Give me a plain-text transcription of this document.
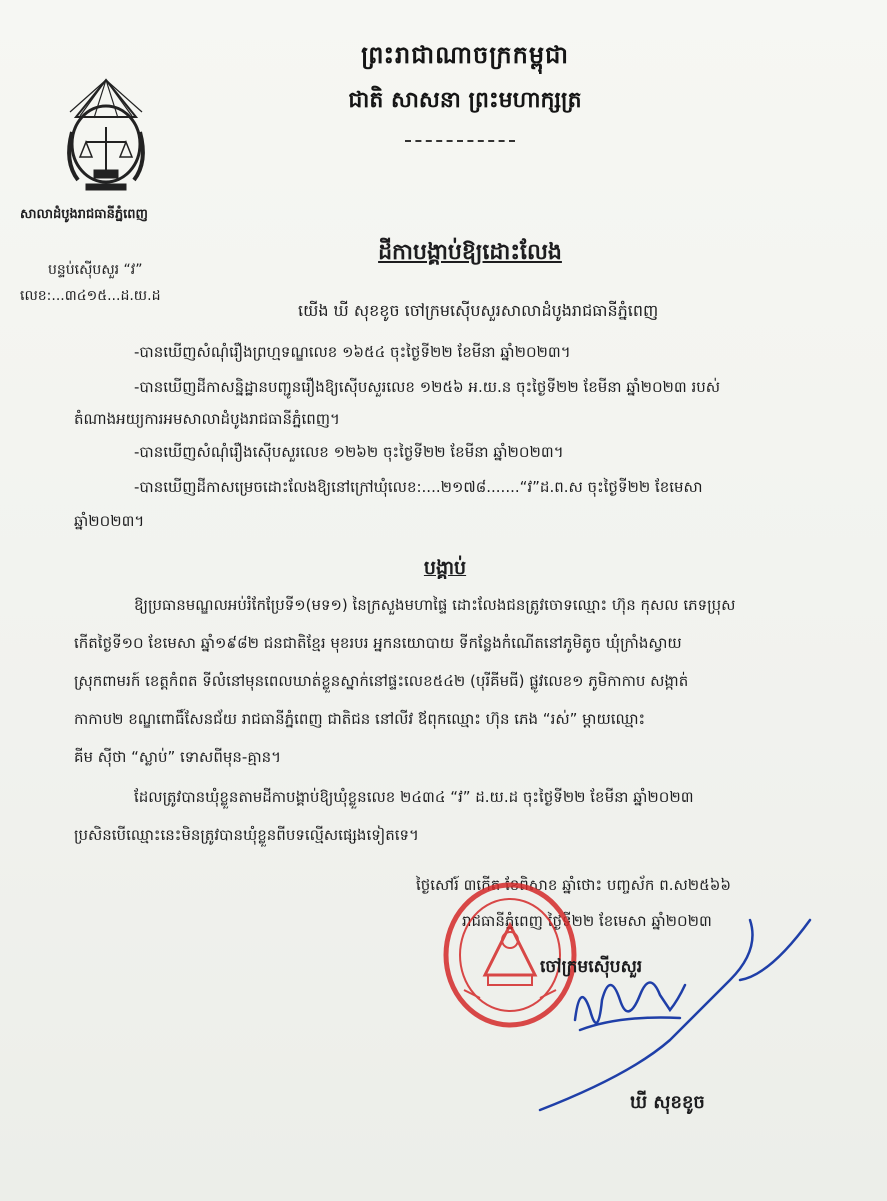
ព្រះរាជាណាចក្រកម្ពុជា
ជាតិ សាសនា ព្រះមហាក្សត្រ
សាលាដំបូងរាជធានីភ្នំពេញ
បន្ទប់ស៊ើបសួរ “វ”
លេខ:...៣៤១៥...ដ.យ.ដ
ដីកាបង្គាប់ឱ្យដោះលែង
យើង ឃី សុខខូច ចៅក្រមស៊ើបសួរសាលាដំបូងរាជធានីភ្នំពេញ
-បានឃើញសំណុំរឿងព្រហ្មទណ្ឌលេខ ១៦៥៤ ចុះថ្ងៃទី២២ ខែមីនា ឆ្នាំ២០២៣។
-បានឃើញដីកាសន្និដ្ឋានបញ្ជូនរឿងឱ្យស៊ើបសួរលេខ ១២៥៦ អ.យ.ន ចុះថ្ងៃទី២២ ខែមីនា ឆ្នាំ២០២៣ របស់
តំណាងអយ្យការអមសាលាដំបូងរាជធានីភ្នំពេញ។
-បានឃើញសំណុំរឿងស៊ើបសួរលេខ ១២៦២ ចុះថ្ងៃទី២២ ខែមីនា ឆ្នាំ២០២៣។
-បានឃើញដីកាសម្រេចដោះលែងឱ្យនៅក្រៅឃុំលេខ:....២១៧៨.......“វ”ដ.ព.ស ចុះថ្ងៃទី២២ ខែមេសា
ឆ្នាំ២០២៣។
បង្គាប់
ឱ្យប្រធានមណ្ឌលអប់រំកែប្រែទី១(មទ១) នៃក្រសួងមហាផ្ទៃ ដោះលែងជនត្រូវចោទឈ្មោះ ហ៊ុន កុសល ភេទប្រុស
កើតថ្ងៃទី១០ ខែមេសា ឆ្នាំ១៩៨២ ជនជាតិខ្មែរ មុខរបរ អ្នកនយោបាយ ទីកន្លែងកំណើតនៅភូមិតូច ឃុំក្រាំងស្វាយ
ស្រុកពាមរក៍ ខេត្តកំពត ទីលំនៅមុនពេលឃាត់ខ្លួនស្នាក់នៅផ្ទះលេខ៥៤២ (បុរីគីមធី) ផ្លូវលេខ១ ភូមិកាកាប សង្កាត់
កាកាប២ ខណ្ឌពោធិ៍សែនជ័យ រាជធានីភ្នំពេញ ជាតិជន នៅលីវ ឪពុកឈ្មោះ ហ៊ុន ភេង “រស់” ម្តាយឈ្មោះ
គីម ស៊ីថា “ស្លាប់” ទោសពីមុន-គ្មាន។
ដែលត្រូវបានឃុំខ្លួនតាមដីកាបង្គាប់ឱ្យឃុំខ្លួនលេខ ២៤៣៤ “វ” ដ.យ.ដ ចុះថ្ងៃទី២២ ខែមីនា ឆ្នាំ២០២៣
ប្រសិនបើឈ្មោះនេះមិនត្រូវបានឃុំខ្លួនពីបទល្មើសផ្សេងទៀតទេ។
ថ្ងៃសៅរ៍ ៣កើត ខែពិសាខ ឆ្នាំថោះ បញ្ចស័ក ព.ស២៥៦៦
រាជធានីភ្នំពេញ ថ្ងៃទី២២ ខែមេសា ឆ្នាំ២០២៣
ចៅក្រមស៊ើបសួរ
ឃី សុខខូច
